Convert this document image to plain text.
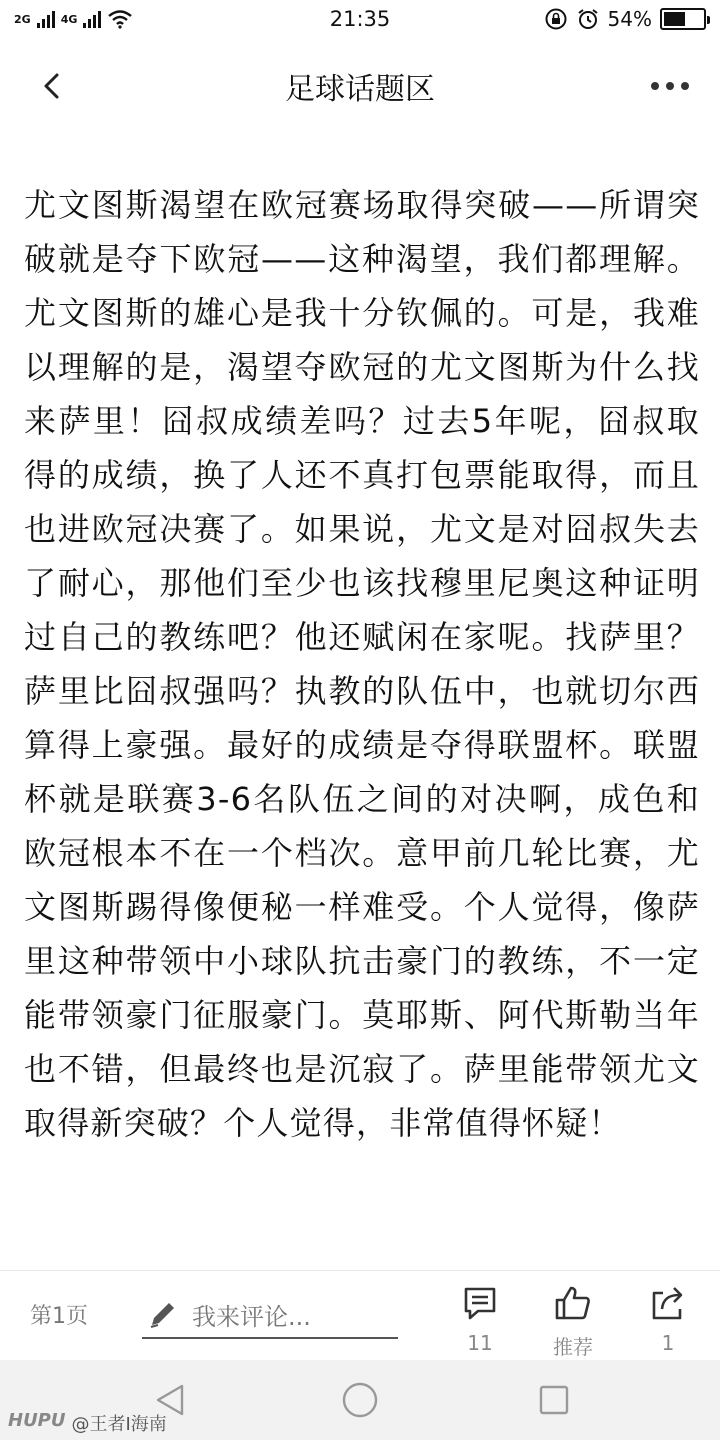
2G	4G	21:35	54%
足球话题区
尤文图斯渴望在欧冠赛场取得突破——所谓突破就是夺下欧冠——这种渴望，我们都理解。尤文图斯的雄心是我十分钦佩的。可是，我难以理解的是，渴望夺欧冠的尤文图斯为什么找来萨里！囧叔成绩差吗？过去5年呢，囧叔取得的成绩，换了人还不真打包票能取得，而且也进欧冠决赛了。如果说，尤文是对囧叔失去了耐心，那他们至少也该找穆里尼奥这种证明过自己的教练吧？他还赋闲在家呢。找萨里？萨里比囧叔强吗？执教的队伍中，也就切尔西算得上豪强。最好的成绩是夺得联盟杯。联盟杯就是联赛3-6名队伍之间的对决啊，成色和欧冠根本不在一个档次。意甲前几轮比赛，尤文图斯踢得像便秘一样难受。个人觉得，像萨里这种带领中小球队抗击豪门的教练，不一定能带领豪门征服豪门。莫耶斯、阿代斯勒当年也不错，但最终也是沉寂了。萨里能带领尤文取得新突破？个人觉得，非常值得怀疑！
第1页	我来评论...
11	推荐	1
HUPU @王者I海南
